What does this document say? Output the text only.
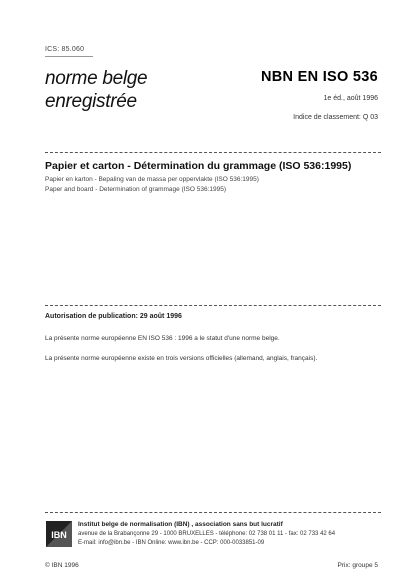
ICS: 85.060
norme belge
enregistrée
NBN EN ISO 536
1e éd., août 1996
Indice de classement: Q 03
Papier et carton - Détermination du grammage (ISO 536:1995)
Papier en karton - Bepaling van de massa per oppervlakte (ISO 536:1995)
Paper and board - Determination of grammage (ISO 536:1995)
Autorisation de publication: 29 août 1996
La présente norme européenne EN ISO 536 : 1996 a le statut d'une norme belge.
La présente norme européenne existe en trois versions officielles (allemand, anglais, français).
IBN
Institut belge de normalisation (IBN) , association sans but lucratif
avenue de la Brabançonne 29 - 1000 BRUXELLES - téléphone: 02 738 01 11 - fax: 02 733 42 64
E-mail: info@ibn.be - IBN Online: www.ibn.be - CCP: 000-0033851-09
© IBN 1996	Prix: groupe 5
